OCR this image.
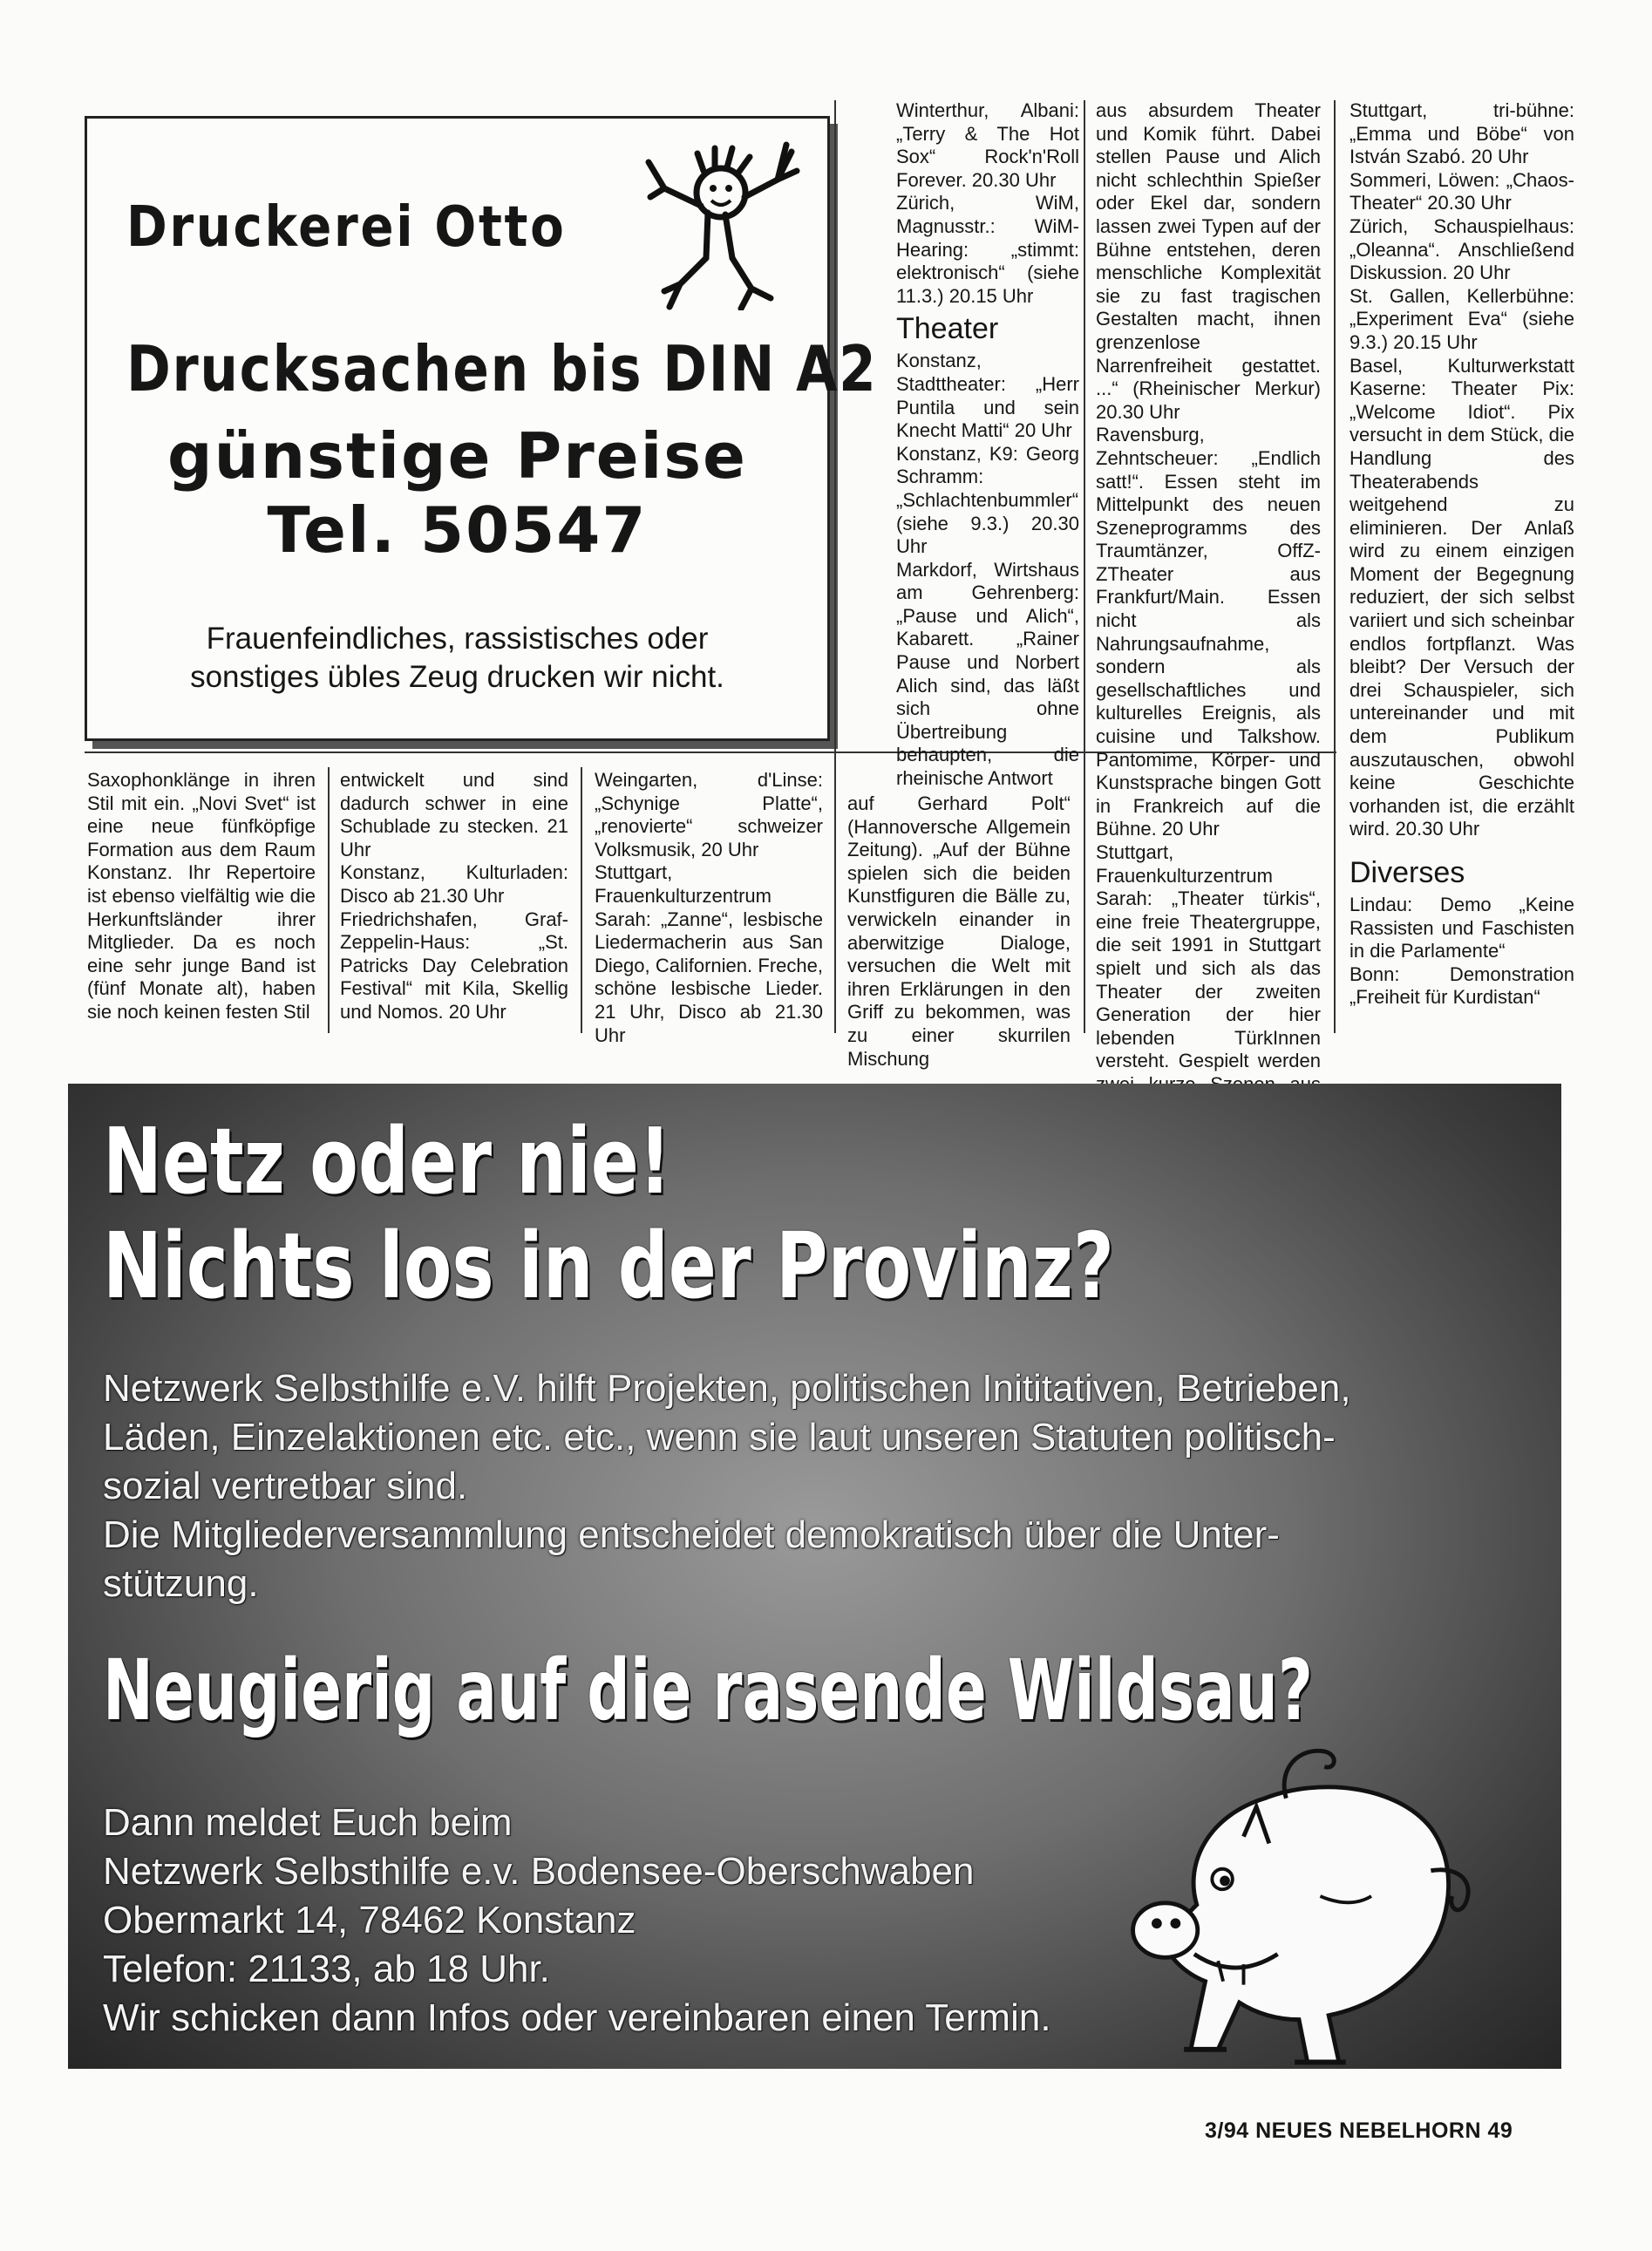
Druckerei Otto
Drucksachen bis DIN A2
günstige Preise
Tel. 50547
Frauenfeindliches, rassistisches oder
sonstiges übles Zeug drucken wir nicht.

Saxophonklänge in ihren Stil mit ein. „Novi Svet“ ist eine neue fünfköpfige Formation aus dem Raum Konstanz. Ihr Repertoire ist ebenso vielfältig wie die Herkunftsländer ihrer Mitglieder. Da es noch eine sehr junge Band ist (fünf Monate alt), haben sie noch keinen festen Stil

entwickelt und sind dadurch schwer in eine Schublade zu stecken. 21 Uhr

Konstanz, Kulturladen: Disco ab 21.30 Uhr

Friedrichshafen, Graf-Zeppelin-Haus: „St. Patricks Day Celebration Festival“ mit Kila, Skellig und Nomos. 20 Uhr

Weingarten, d'Linse: „Schynige Platte“, „renovierte“ schweizer Volksmusik, 20 Uhr

Stuttgart, Frauenkulturzentrum Sarah: „Zanne“, lesbische Liedermacherin aus San Diego, Californien. Freche, schöne lesbische Lieder. 21 Uhr, Disco ab 21.30 Uhr

Winterthur, Albani: „Terry & The Hot Sox“ Rock'n'Roll Forever. 20.30 Uhr

Zürich, WiM, Magnusstr.: WiM-Hearing: „stimmt: elektronisch“ (siehe 11.3.) 20.15 Uhr

Theater

Konstanz, Stadttheater: „Herr Puntila und sein Knecht Matti“ 20 Uhr

Konstanz, K9: Georg Schramm: „Schlachtenbummler“ (siehe 9.3.) 20.30 Uhr

Markdorf, Wirtshaus am Gehrenberg: „Pause und Alich“, Kabarett. „Rainer Pause und Norbert Alich sind, das läßt sich ohne Übertreibung behaupten, die rheinische Antwort

auf Gerhard Polt“ (Hannoversche Allgemein Zeitung). „Auf der Bühne spielen sich die beiden Kunstfiguren die Bälle zu, verwickeln einander in aberwitzige Dialoge, versuchen die Welt mit ihren Erklärungen in den Griff zu bekommen, was zu einer skurrilen Mischung

aus absurdem Theater und Komik führt. Dabei stellen Pause und Alich nicht schlechthin Spießer oder Ekel dar, sondern lassen zwei Typen auf der Bühne entstehen, deren menschliche Komplexität sie zu fast tragischen Gestalten macht, ihnen grenzenlose Narrenfreiheit gestattet. ...“ (Rheinischer Merkur) 20.30 Uhr

Ravensburg, Zehntscheuer: „Endlich satt!“. Essen steht im Mittelpunkt des neuen Szeneprogramms des Traumtänzer, OffZ-ZTheater aus Frankfurt/Main. Essen nicht als Nahrungsaufnahme, sondern als gesellschaftliches und kulturelles Ereignis, als cuisine und Talkshow. Pantomime, Körper- und Kunstsprache bingen Gott in Frankreich auf die Bühne. 20 Uhr

Stuttgart, Frauenkulturzentrum Sarah: „Theater türkis“, eine freie Theatergruppe, die seit 1991 in Stuttgart spielt und sich als das Theater der zweiten Generation der hier lebenden TürkInnen versteht. Gespielt werden

Stuttgart, tri-bühne: „Emma und Böbe“ von István Szabó. 20 Uhr

Sommeri, Löwen: „Chaos-Theater“ 20.30 Uhr

Zürich, Schauspielhaus: „Oleanna“. Anschließend Diskussion. 20 Uhr

St. Gallen, Kellerbühne: „Experiment Eva“ (siehe 9.3.) 20.15 Uhr

Basel, Kulturwerkstatt Kaserne: Theater Pix: „Welcome Idiot“. Pix versucht in dem Stück, die Handlung des Theaterabends weitgehend zu eliminieren. Der Anlaß wird zu einem einzigen Moment der Begegnung reduziert, der sich selbst variiert und sich scheinbar endlos fortpflanzt. Was bleibt? Der Versuch der drei Schauspieler, sich untereinander und mit dem Publikum auszutauschen, obwohl keine Geschichte vorhanden ist, die erzählt wird. 20.30 Uhr

Diverses

Lindau: Demo „Keine Rassisten und Faschisten in die Parlamente“

Bonn: Demonstration „Freiheit für Kurdistan“

Netz oder nie!
Nichts los in der Provinz?
Netzwerk Selbsthilfe e.V. hilft Projekten, politischen Inititativen, Betrieben,
Läden, Einzelaktionen etc. etc., wenn sie laut unseren Statuten politisch-
sozial vertretbar sind.
Die Mitgliederversammlung entscheidet demokratisch über die Unter-
stützung.
Neugierig auf die rasende Wildsau?
Dann meldet Euch beim
Netzwerk Selbsthilfe e.v. Bodensee-Oberschwaben
Obermarkt 14, 78462 Konstanz
Telefon: 21133, ab 18 Uhr.
Wir schicken dann Infos oder vereinbaren einen Termin.
3/94 NEUES NEBELHORN 49
